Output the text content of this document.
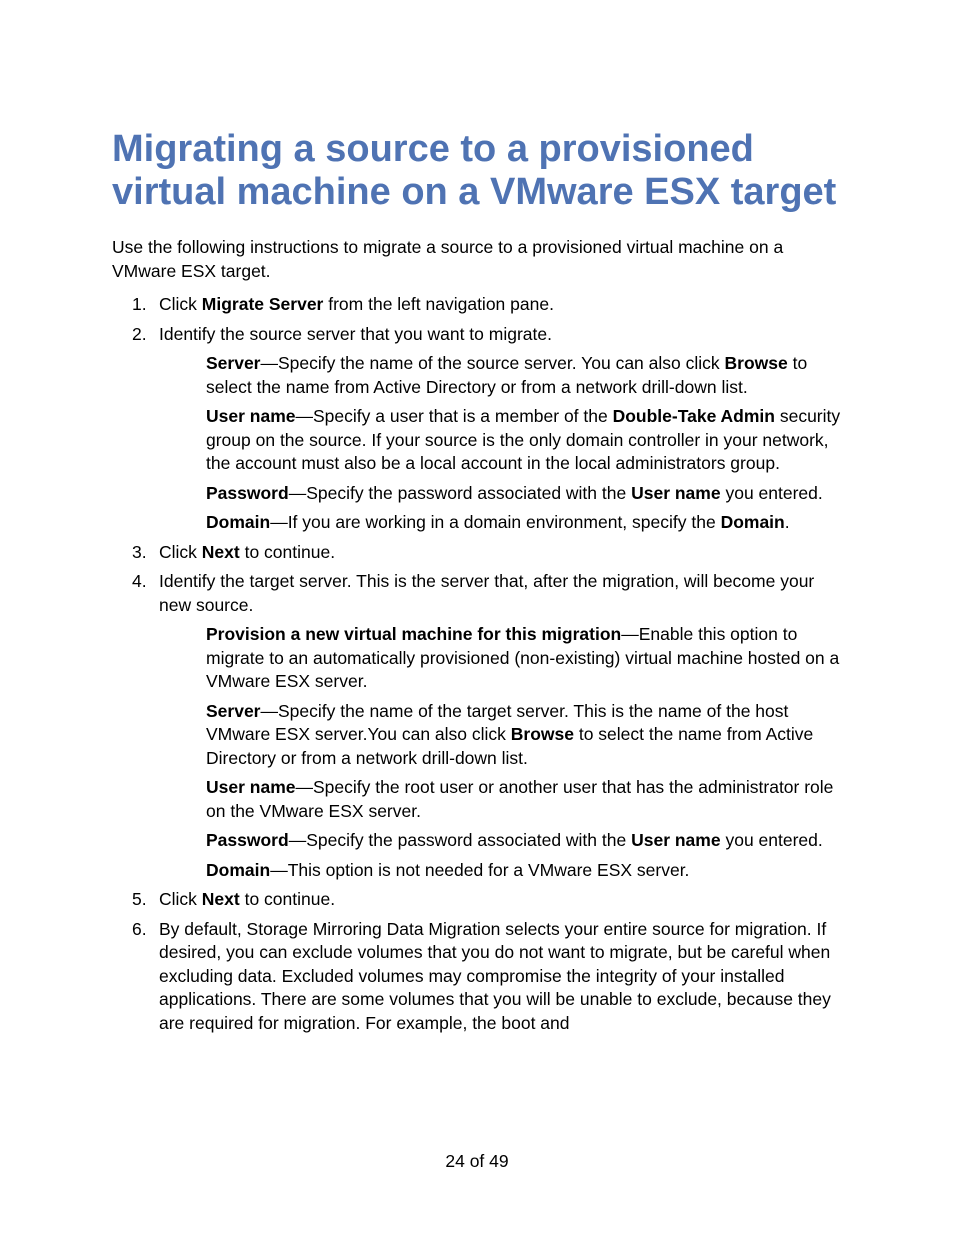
Migrating a source to a provisioned virtual machine on a VMware ESX target

Use the following instructions to migrate a source to a provisioned virtual machine on a VMware ESX target.

1. Click Migrate Server from the left navigation pane.

2. Identify the source server that you want to migrate.

Server—Specify the name of the source server. You can also click Browse to select the name from Active Directory or from a network drill-down list.

User name—Specify a user that is a member of the Double-Take Admin security group on the source. If your source is the only domain controller in your network, the account must also be a local account in the local administrators group.

Password—Specify the password associated with the User name you entered.

Domain—If you are working in a domain environment, specify the Domain.

3. Click Next to continue.

4. Identify the target server. This is the server that, after the migration, will become your new source.

Provision a new virtual machine for this migration—Enable this option to migrate to an automatically provisioned (non-existing) virtual machine hosted on a VMware ESX server.

Server—Specify the name of the target server. This is the name of the host VMware ESX server.You can also click Browse to select the name from Active Directory or from a network drill-down list.

User name—Specify the root user or another user that has the administrator role on the VMware ESX server.

Password—Specify the password associated with the User name you entered.

Domain—This option is not needed for a VMware ESX server.

5. Click Next to continue.

6. By default, Storage Mirroring Data Migration selects your entire source for migration. If desired, you can exclude volumes that you do not want to migrate, but be careful when excluding data. Excluded volumes may compromise the integrity of your installed applications. There are some volumes that you will be unable to exclude, because they are required for migration. For example, the boot and

24 of 49
